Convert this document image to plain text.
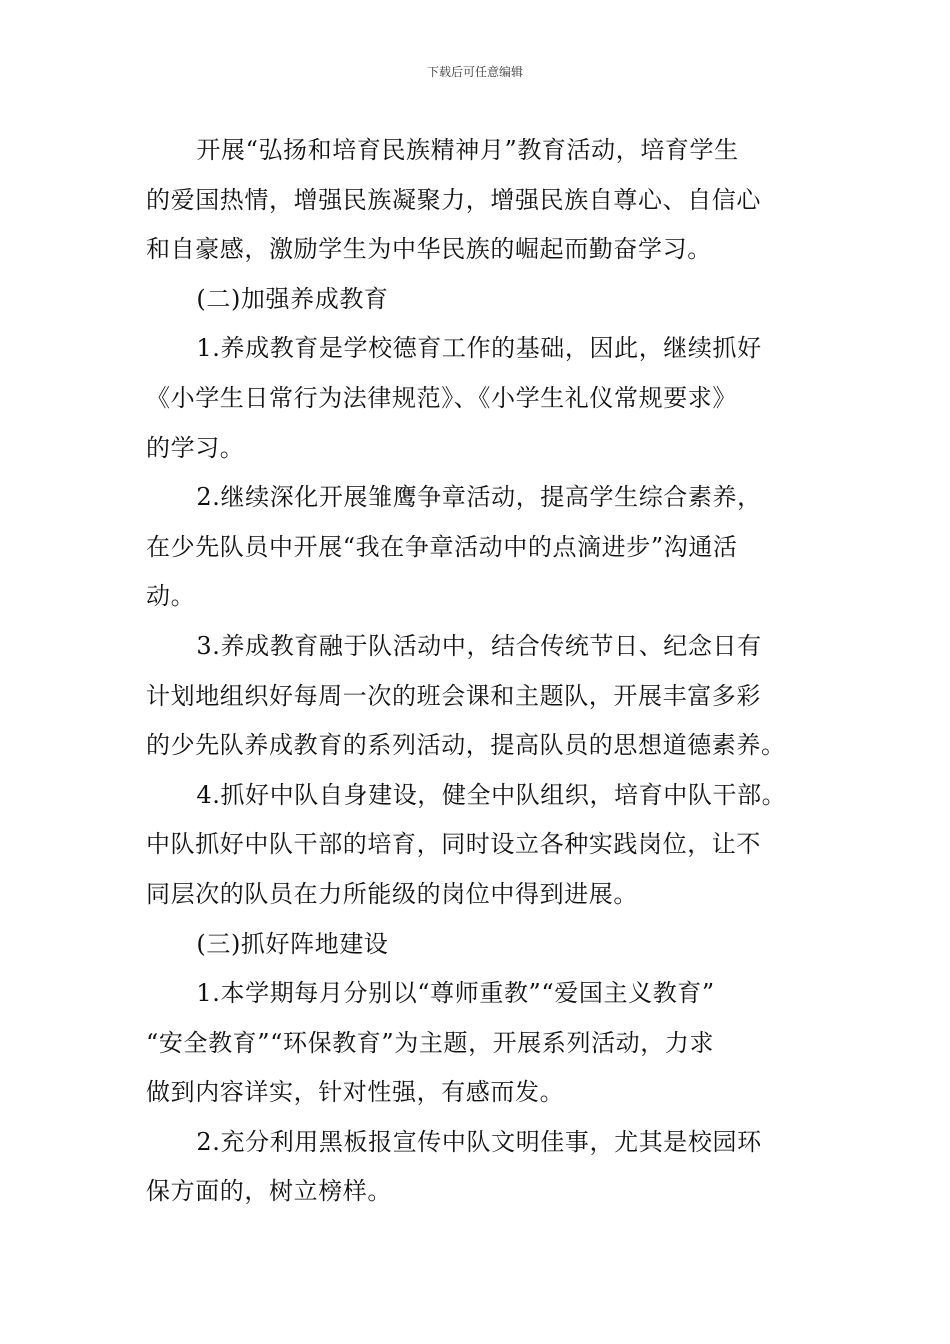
下载后可任意编辑

开展“弘扬和培育民族精神月”教育活动，培育学生
的爱国热情，增强民族凝聚力，增强民族自尊心、自信心
和自豪感，激励学生为中华民族的崛起而勤奋学习。

(二)加强养成教育

1.养成教育是学校德育工作的基础，因此，继续抓好
《小学生日常行为法律规范》、《小学生礼仪常规要求》
的学习。

2.继续深化开展雏鹰争章活动，提高学生综合素养，
在少先队员中开展“我在争章活动中的点滴进步”沟通活
动。

3.养成教育融于队活动中，结合传统节日、纪念日有
计划地组织好每周一次的班会课和主题队，开展丰富多彩
的少先队养成教育的系列活动，提高队员的思想道德素养。

4.抓好中队自身建设，健全中队组织，培育中队干部。
中队抓好中队干部的培育，同时设立各种实践岗位，让不
同层次的队员在力所能级的岗位中得到进展。

(三)抓好阵地建设

1.本学期每月分别以“尊师重教”“爱国主义教育”
“安全教育”“环保教育”为主题，开展系列活动，力求
做到内容详实，针对性强，有感而发。

2.充分利用黑板报宣传中队文明佳事，尤其是校园环
保方面的，树立榜样。
